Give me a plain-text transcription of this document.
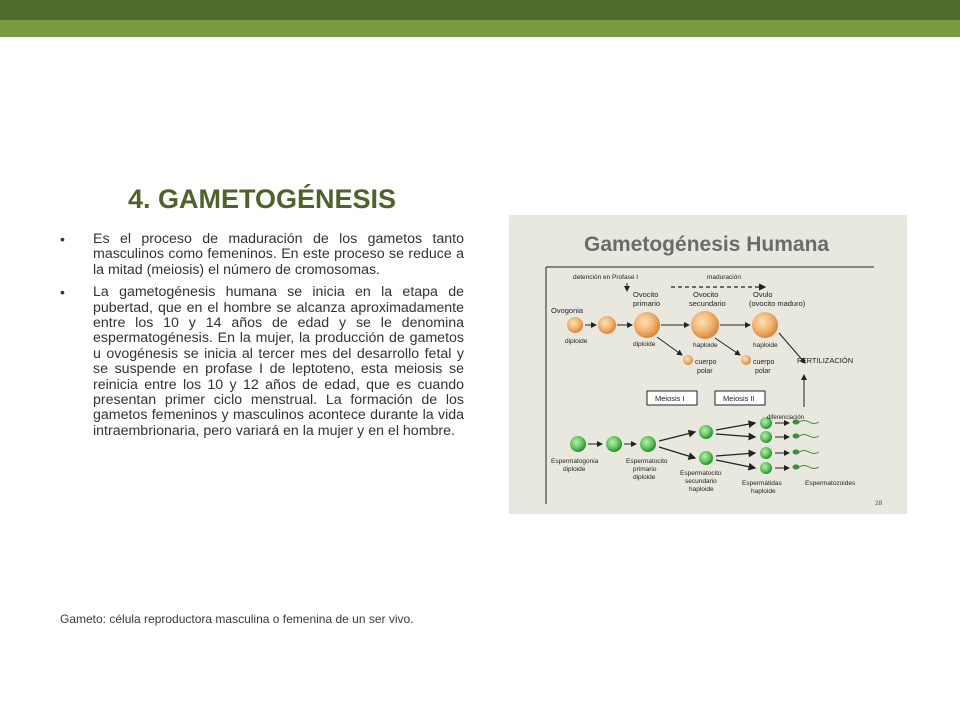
4. GAMETOGÉNESIS
• Es el proceso de maduración de los gametos tanto masculinos como femeninos. En este proceso se reduce a la mitad (meiosis) el número de cromosomas.
• La gametogénesis humana se inicia en la etapa de pubertad, que en el hombre se alcanza aproximadamente entre los 10 y 14 años de edad y se le denomina espermatogénesis. En la mujer, la producción de gametos u ovogénesis se inicia al tercer mes del desarrollo fetal y se suspende en profase I de leptoteno, esta meiosis se reinicia entre los 10 y 12 años de edad, que es cuando presentan primer ciclo menstrual. La formación de los gametos femeninos y masculinos acontece durante la vida intraembrionaria, pero variará en la mujer y en el hombre.
Gameto: célula reproductora masculina o femenina de un ser vivo.
Gametogénesis Humana
detención en Profase I	maduración
Ovogonia
Ovocito
primario
Ovocito
secundario
Ovulo
(ovocito maduro)
diploide	diploide	haploide	haploide
cuerpo
polar
cuerpo
polar
FERTILIZACIÓN
Meiosis I	Meiosis II
diferenciación
Espermatogonia
diploide
Espermatocito
primario
diploide
Espermatocito
secundario
haploide
Espermátidas
haploide
Espermatozoides
28
